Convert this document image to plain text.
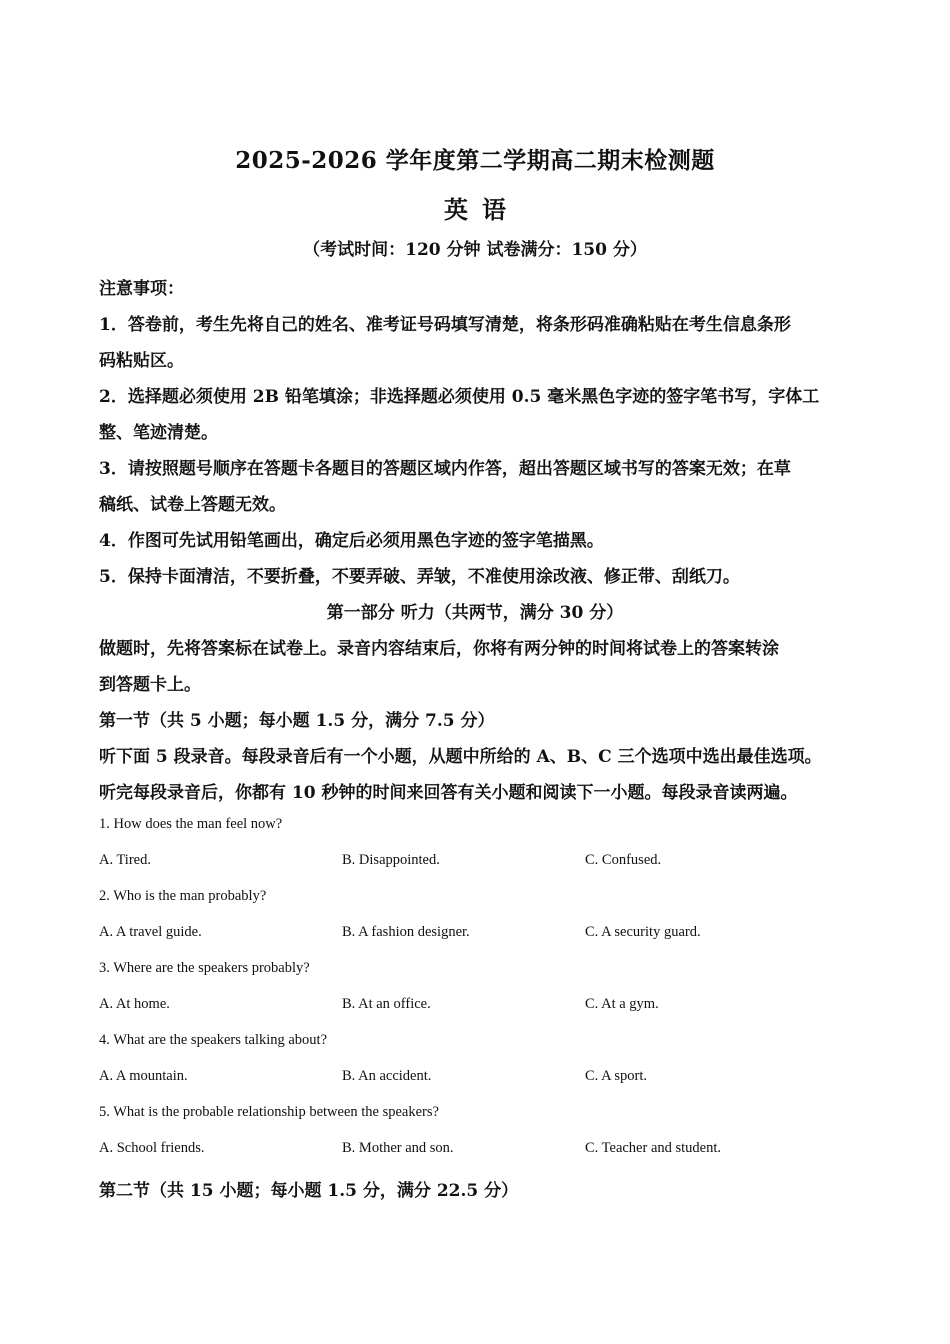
2025-2026 学年度第二学期高二期末检测题
英语
（考试时间：120 分钟 试卷满分：150 分）
注意事项：
1．答卷前，考生先将自己的姓名、准考证号码填写清楚，将条形码准确粘贴在考生信息条形
码粘贴区。
2．选择题必须使用 2B 铅笔填涂；非选择题必须使用 0.5 毫米黑色字迹的签字笔书写，字体工
整、笔迹清楚。
3．请按照题号顺序在答题卡各题目的答题区域内作答，超出答题区域书写的答案无效；在草
稿纸、试卷上答题无效。
4．作图可先试用铅笔画出，确定后必须用黑色字迹的签字笔描黑。
5．保持卡面清洁，不要折叠，不要弄破、弄皱，不准使用涂改液、修正带、刮纸刀。
第一部分 听力（共两节，满分 30 分）
做题时，先将答案标在试卷上。录音内容结束后，你将有两分钟的时间将试卷上的答案转涂
到答题卡上。
第一节（共 5 小题；每小题 1.5 分，满分 7.5 分）
听下面 5 段录音。每段录音后有一个小题，从题中所给的 A、B、C 三个选项中选出最佳选项。
听完每段录音后，你都有 10 秒钟的时间来回答有关小题和阅读下一小题。每段录音读两遍。
1. How does the man feel now?
A. Tired.	B. Disappointed.	C. Confused.
2. Who is the man probably?
A. A travel guide.	B. A fashion designer.	C. A security guard.
3. Where are the speakers probably?
A. At home.	B. At an office.	C. At a gym.
4. What are the speakers talking about?
A. A mountain.	B. An accident.	C. A sport.
5. What is the probable relationship between the speakers?
A. School friends.	B. Mother and son.	C. Teacher and student.
第二节（共 15 小题；每小题 1.5 分，满分 22.5 分）
